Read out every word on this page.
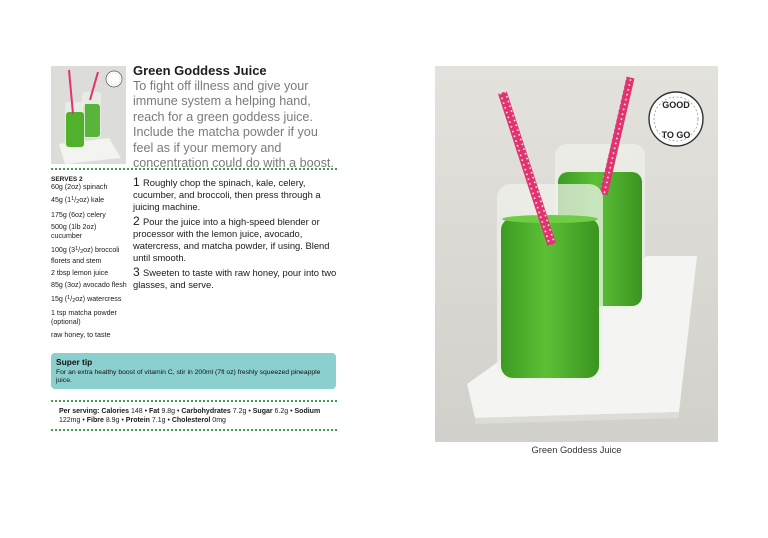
Green Goddess Juice
To fight off illness and give your immune system a helping hand, reach for a green goddess juice. Include the matcha powder if you feel as if your memory and concentration could do with a boost.
SERVES 2
60g (2oz) spinach
45g $(1^1/2oz)$ kale
175g (6oz) celery
500g (1lb 2oz) cucumber
100g $(3^1/2oz)$ broccoli florets and stem
2 tbsp lemon juice
85g (3oz) avocado flesh
15g ($^1$/2oz) watercress
1 tsp matcha powder (optional)
raw honey, to taste
1 Roughly chop the spinach, kale, celery, cucumber, and broccoli, then press through a juicing machine.
2 Pour the juice into a high-speed blender or processor with the lemon juice, avocado, watercress, and matcha powder, if using. Blend until smooth.
3 Sweeten to taste with raw honey, pour into two glasses, and serve.
Super tip
For an extra healthy boost of vitamin C, stir in 200ml (7fl oz) freshly squeezed pineapple juice.
Per serving: Calories 148 • Fat 9.8g • Carbohydrates 7.2g • Sugar 6.2g • Sodium 122mg • Fibre 8.9g • Protein 7.1g • Cholesterol 0mg
GOOD
TO GO
Green Goddess Juice
